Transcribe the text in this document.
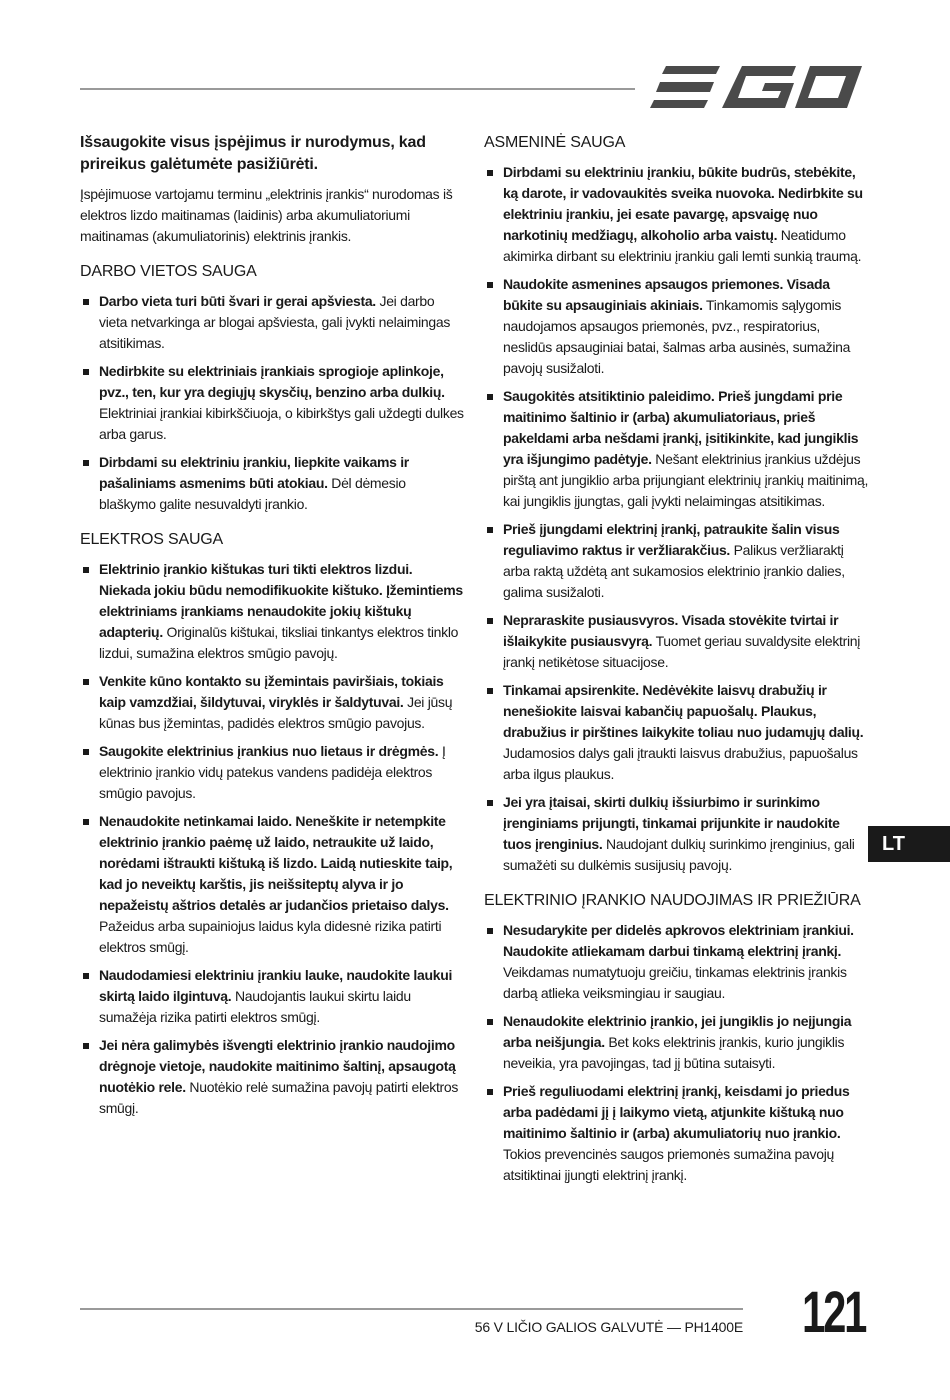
Išsaugokite visus įspėjimus ir nurodymus, kad prireikus galėtumėte pasižiūrėti.

Įspėjimuose vartojamu terminu „elektrinis įrankis“ nurodomas iš elektros lizdo maitinamas (laidinis) arba akumuliatoriumi maitinamas (akumuliatorinis) elektrinis įrankis.

DARBO VIETOS SAUGA
Darbo vieta turi būti švari ir gerai apšviesta. Jei darbo vieta netvarkinga ar blogai apšviesta, gali įvykti nelaimingas atsitikimas.
Nedirbkite su elektriniais įrankiais sprogioje aplinkoje, pvz., ten, kur yra degiųjų skysčių, benzino arba dulkių. Elektriniai įrankiai kibirkščiuoja, o kibirkštys gali uždegti dulkes arba garus.
Dirbdami su elektriniu įrankiu, liepkite vaikams ir pašaliniams asmenims būti atokiau. Dėl dėmesio blaškymo galite nesuvaldyti įrankio.
ELEKTROS SAUGA
Elektrinio įrankio kištukas turi tikti elektros lizdui. Niekada jokiu būdu nemodifikuokite kištuko. Įžemintiems elektriniams įrankiams nenaudokite jokių kištukų adapterių. Originalūs kištukai, tiksliai tinkantys elektros tinklo lizdui, sumažina elektros smūgio pavojų.
Venkite kūno kontakto su įžemintais paviršiais, tokiais kaip vamzdžiai, šildytuvai, viryklės ir šaldytuvai. Jei jūsų kūnas bus įžemintas, padidės elektros smūgio pavojus.
Saugokite elektrinius įrankius nuo lietaus ir drėgmės. Į elektrinio įrankio vidų patekus vandens padidėja elektros smūgio pavojus.
Nenaudokite netinkamai laido. Neneškite ir netempkite elektrinio įrankio paėmę už laido, netraukite už laido, norėdami ištraukti kištuką iš lizdo. Laidą nutieskite taip, kad jo neveiktų karštis, jis neišsiteptų alyva ir jo nepažeistų aštrios detalės ar judančios prietaiso dalys. Pažeidus arba supainiojus laidus kyla didesnė rizika patirti elektros smūgį.
Naudodamiesi elektriniu įrankiu lauke, naudokite laukui skirtą laido ilgintuvą. Naudojantis laukui skirtu laidu sumažėja rizika patirti elektros smūgį.
Jei nėra galimybės išvengti elektrinio įrankio naudojimo drėgnoje vietoje, naudokite maitinimo šaltinį, apsaugotą nuotėkio rele. Nuotėkio relė sumažina pavojų patirti elektros smūgį.
ASMENINĖ SAUGA
Dirbdami su elektriniu įrankiu, būkite budrūs, stebėkite, ką darote, ir vadovaukitės sveika nuovoka. Nedirbkite su elektriniu įrankiu, jei esate pavargę, apsvaigę nuo narkotinių medžiagų, alkoholio arba vaistų. Neatidumo akimirka dirbant su elektriniu įrankiu gali lemti sunkią traumą.
Naudokite asmenines apsaugos priemones. Visada būkite su apsauginiais akiniais. Tinkamomis sąlygomis naudojamos apsaugos priemonės, pvz., respiratorius, neslidūs apsauginiai batai, šalmas arba ausinės, sumažina pavojų susižaloti.
Saugokitės atsitiktinio paleidimo. Prieš jungdami prie maitinimo šaltinio ir (arba) akumuliatoriaus, prieš pakeldami arba nešdami įrankį, įsitikinkite, kad jungiklis yra išjungimo padėtyje. Nešant elektrinius įrankius uždėjus pirštą ant jungiklio arba prijungiant elektrinių įrankių maitinimą, kai jungiklis įjungtas, gali įvykti nelaimingas atsitikimas.
Prieš įjungdami elektrinį įrankį, patraukite šalin visus reguliavimo raktus ir veržliarakčius. Palikus veržliaraktį arba raktą uždėtą ant sukamosios elektrinio įrankio dalies, galima susižaloti.
Nepraraskite pusiausvyros. Visada stovėkite tvirtai ir išlaikykite pusiausvyrą. Tuomet geriau suvaldysite elektrinį įrankį netikėtose situacijose.
Tinkamai apsirenkite. Nedėvėkite laisvų drabužių ir nenešiokite laisvai kabančių papuošalų. Plaukus, drabužius ir pirštines laikykite toliau nuo judamųjų dalių. Judamosios dalys gali įtraukti laisvus drabužius, papuošalus arba ilgus plaukus.
Jei yra įtaisai, skirti dulkių išsiurbimo ir surinkimo įrenginiams prijungti, tinkamai prijunkite ir naudokite tuos įrenginius. Naudojant dulkių surinkimo įrenginius, gali sumažėti su dulkėmis susijusių pavojų.
ELEKTRINIO ĮRANKIO NAUDOJIMAS IR PRIEŽIŪRA
Nesudarykite per didelės apkrovos elektriniam įrankiui. Naudokite atliekamam darbui tinkamą elektrinį įrankį. Veikdamas numatytuoju greičiu, tinkamas elektrinis įrankis darbą atlieka veiksmingiau ir saugiau.
Nenaudokite elektrinio įrankio, jei jungiklis jo neįjungia arba neišjungia. Bet koks elektrinis įrankis, kurio jungiklis neveikia, yra pavojingas, tad jį būtina sutaisyti.
Prieš reguliuodami elektrinį įrankį, keisdami jo priedus arba padėdami jį į laikymo vietą, atjunkite kištuką nuo maitinimo šaltinio ir (arba) akumuliatorių nuo įrankio. Tokios prevencinės saugos priemonės sumažina pavojų atsitiktinai įjungti elektrinį įrankį.
LT
56 V LIČIO GALIOS GALVUTĖ — PH1400E 121
